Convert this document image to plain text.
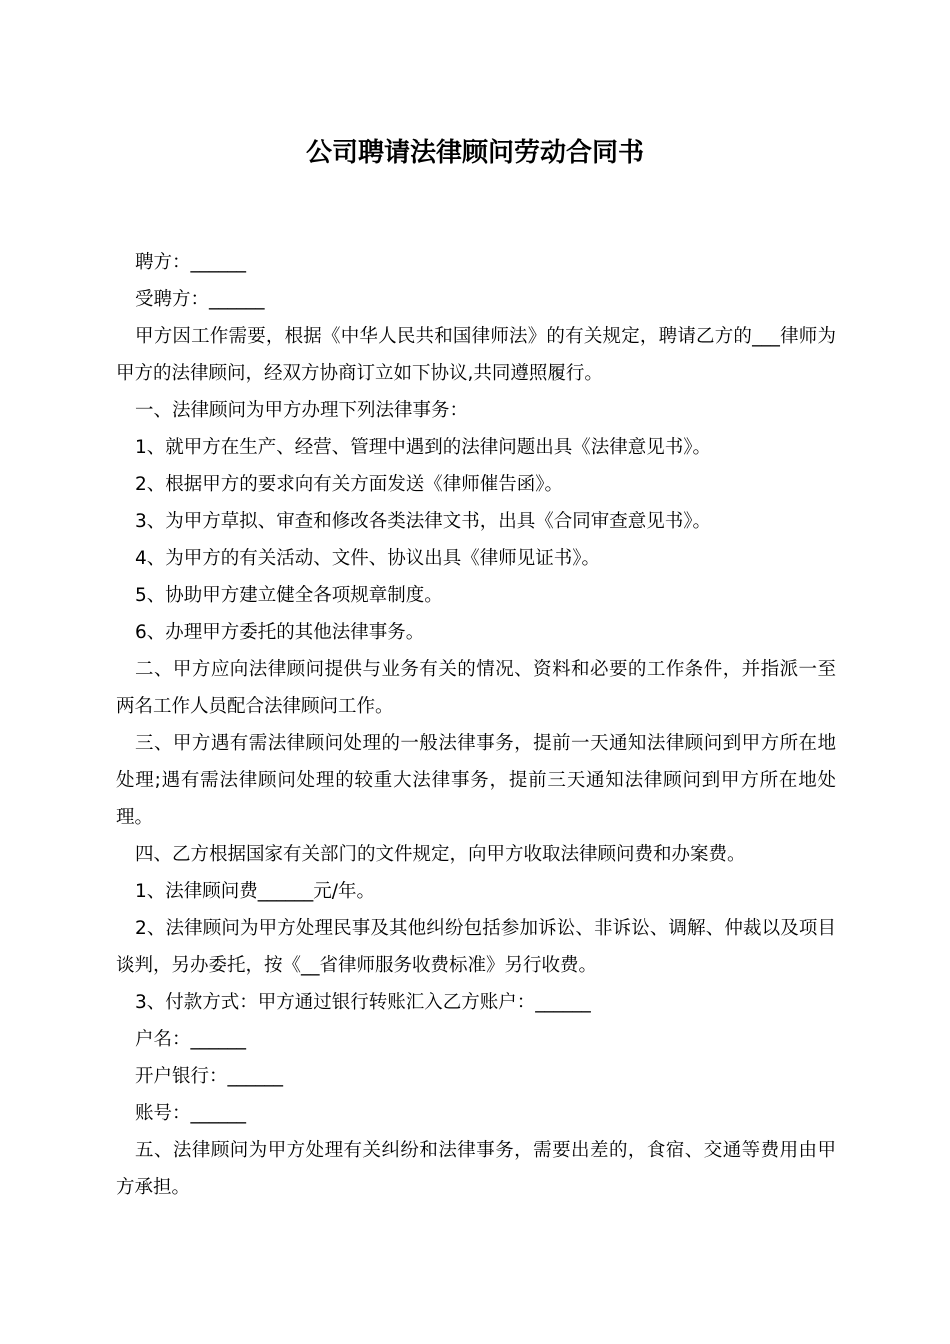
公司聘请法律顾问劳动合同书

聘方：______

受聘方：______

甲方因工作需要，根据《中华人民共和国律师法》的有关规定，聘请乙方的___律师为甲方的法律顾问，经双方协商订立如下协议,共同遵照履行。

一、法律顾问为甲方办理下列法律事务：

1、就甲方在生产、经营、管理中遇到的法律问题出具《法律意见书》。

2、根据甲方的要求向有关方面发送《律师催告函》。

3、为甲方草拟、审查和修改各类法律文书，出具《合同审查意见书》。

4、为甲方的有关活动、文件、协议出具《律师见证书》。

5、协助甲方建立健全各项规章制度。

6、办理甲方委托的其他法律事务。

二、甲方应向法律顾问提供与业务有关的情况、资料和必要的工作条件，并指派一至两名工作人员配合法律顾问工作。

三、甲方遇有需法律顾问处理的一般法律事务，提前一天通知法律顾问到甲方所在地处理;遇有需法律顾问处理的较重大法律事务，提前三天通知法律顾问到甲方所在地处理。

四、乙方根据国家有关部门的文件规定，向甲方收取法律顾问费和办案费。

1、法律顾问费______元/年。

2、法律顾问为甲方处理民事及其他纠纷包括参加诉讼、非诉讼、调解、仲裁以及项目谈判，另办委托，按《__省律师服务收费标准》另行收费。

3、付款方式：甲方通过银行转账汇入乙方账户：______

户名：______

开户银行：______

账号：______

五、法律顾问为甲方处理有关纠纷和法律事务，需要出差的，食宿、交通等费用由甲方承担。
